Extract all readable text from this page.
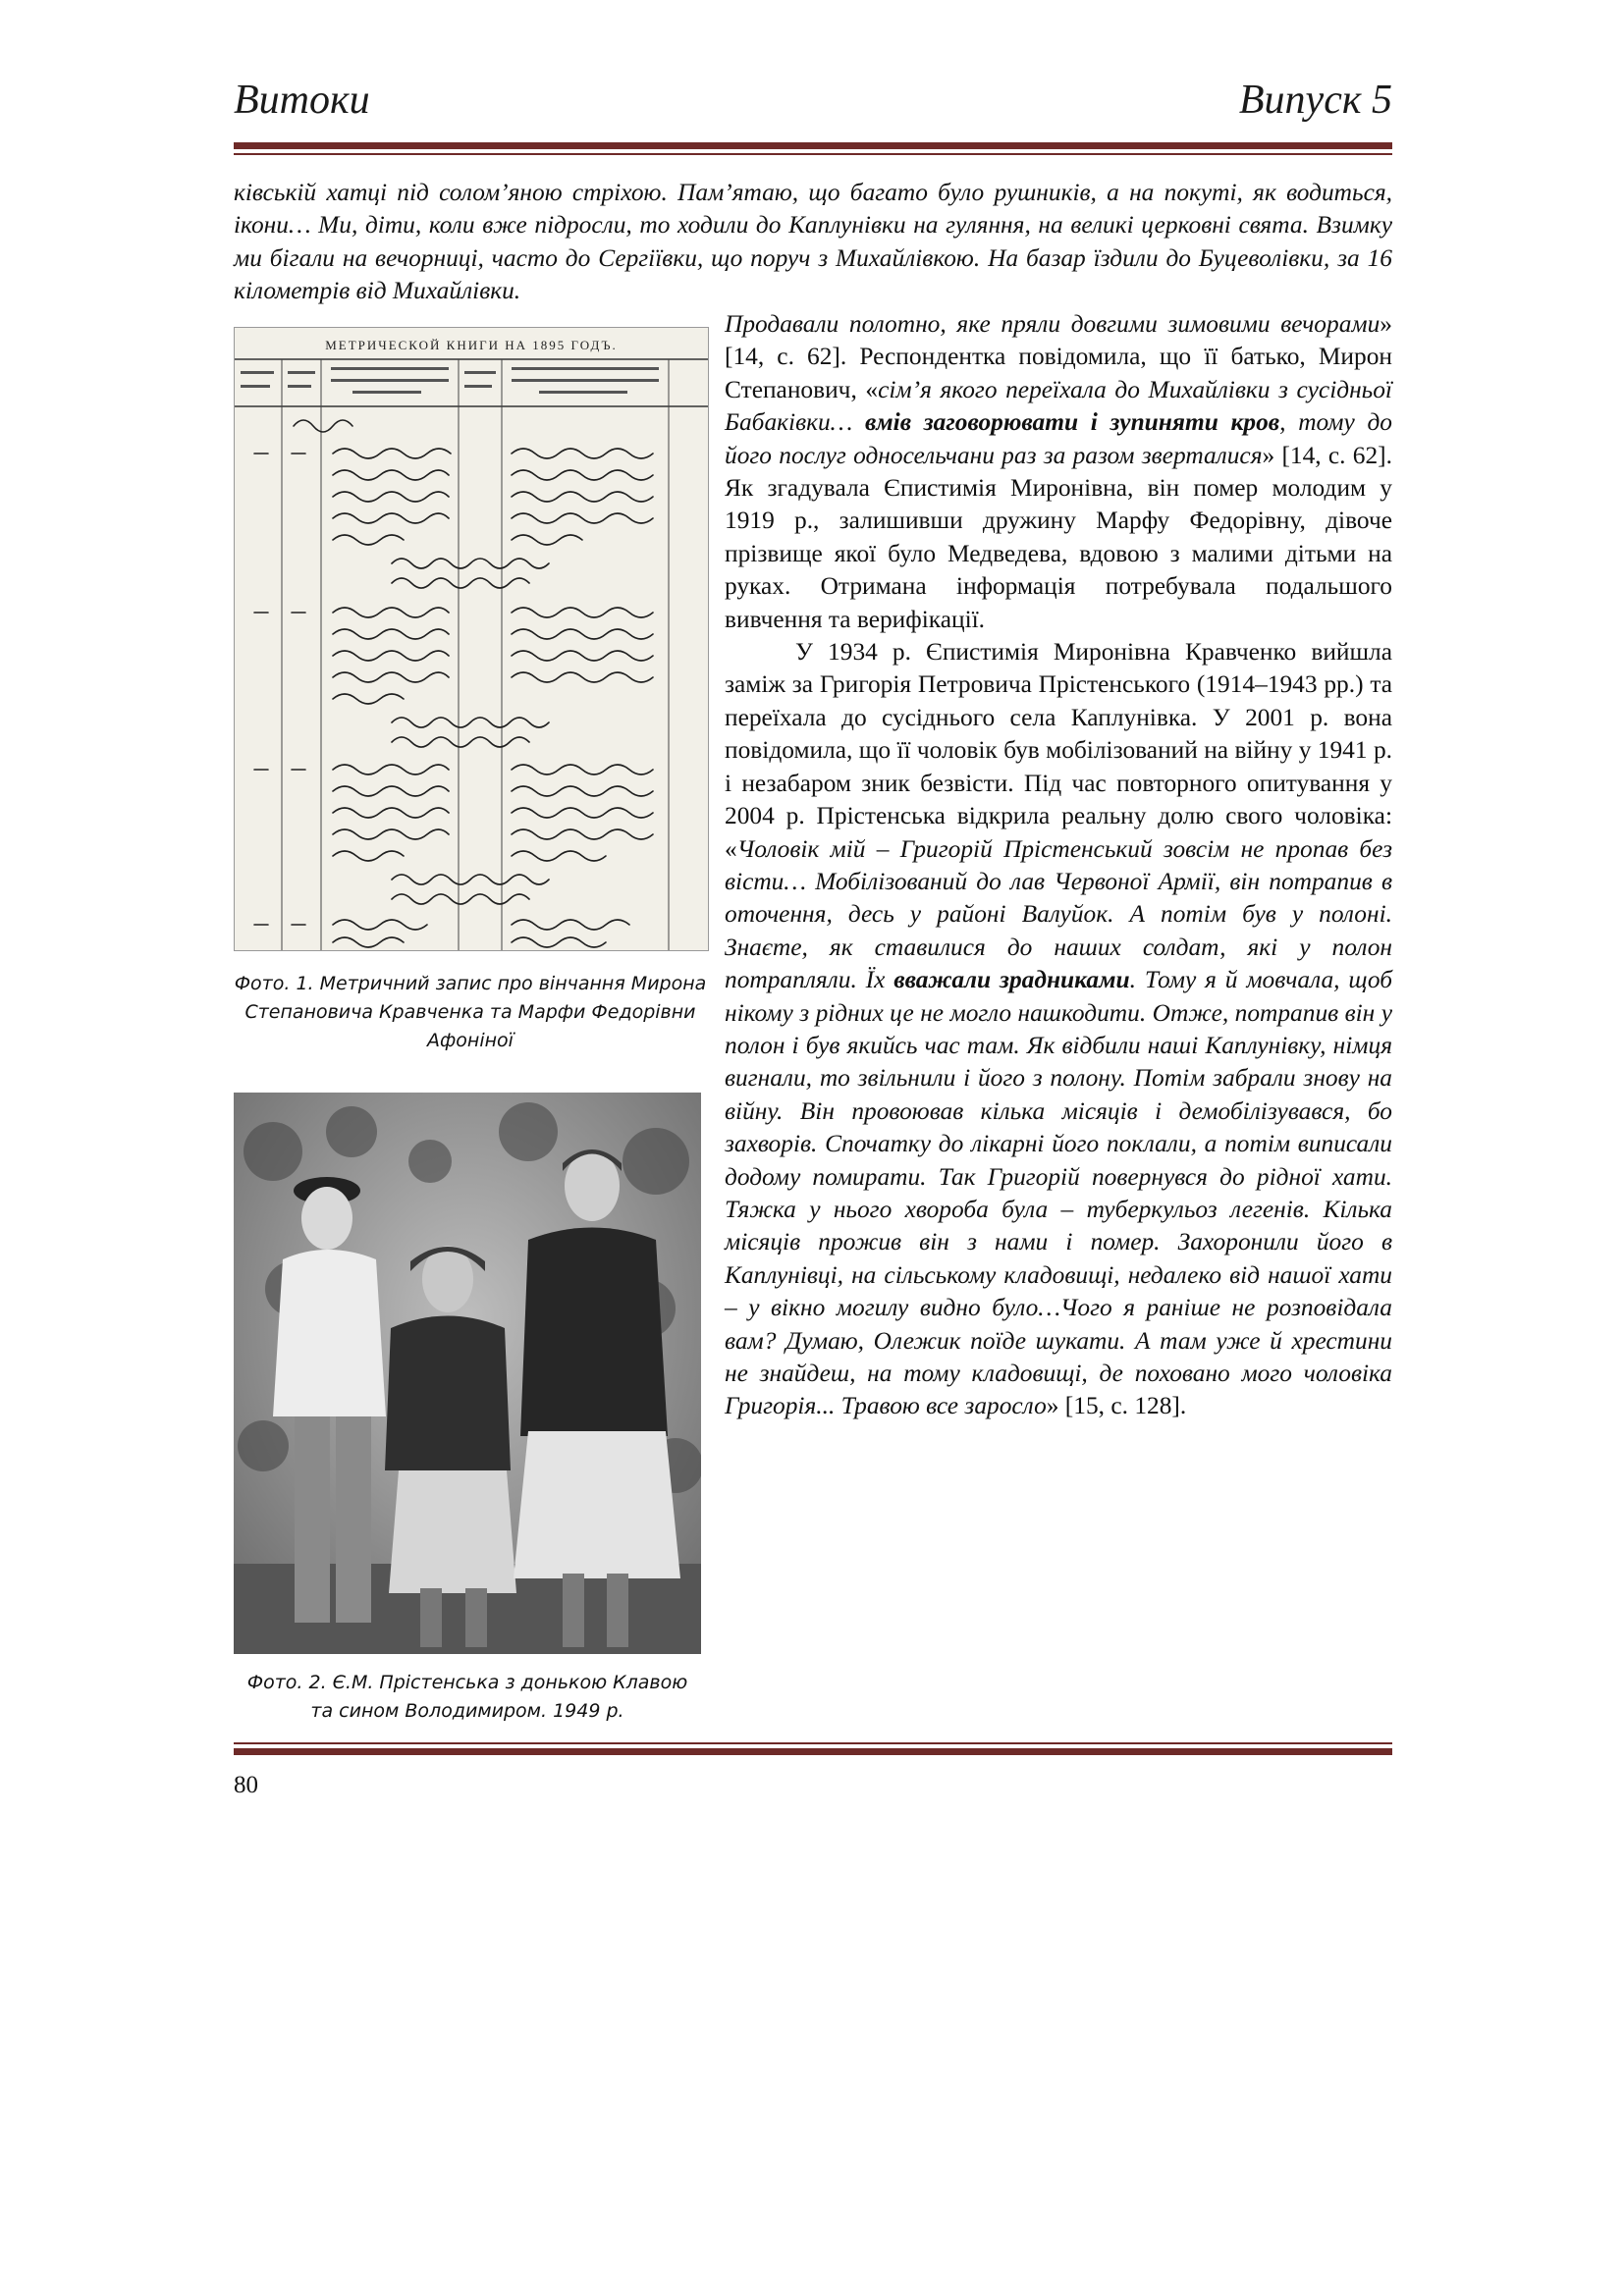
Витоки	Випуск 5
ківській хатці під солом’яною стріхою. Пам’ятаю, що багато було рушників, а на покуті, як водиться, ікони… Ми, діти, коли вже підросли, то ходили до Каплунівки на гуляння, на великі церковні свята. Взимку ми бігали на вечорниці, часто до Сергіївки, що поруч з Михайлівкою. На базар їздили до Буцеволівки, за 16 кілометрів від Михайлівки.
МЕТРИЧЕСКОЙ КНИГИ НА 1895 ГОДЪ.
Фото. 1. Метричний запис про вінчання Мирона Степановича Кравченка та Марфи Федорівни Афоніної
Фото. 2. Є.М. Прістенська з донькою Клавою та сином Володимиром. 1949 р.

Продавали полотно, яке пряли довгими зимовими вечорами» [14, с. 62]. Респондентка повідомила, що її батько, Мирон Степанович, «сім’я якого переїхала до Михайлівки з сусідньої Бабаківки… вмів заговорювати і зупиняти кров, тому до його послуг односельчани раз за разом зверталися» [14, с. 62]. Як згадувала Єпистимія Миронівна, він помер молодим у 1919 р., залишивши дружину Марфу Федорівну, дівоче прізвище якої було Медведева, вдовою з малими дітьми на руках. Отримана інформація потребувала подальшого вивчення та верифікації.

У 1934 р. Єпистимія Миронівна Кравченко вийшла заміж за Григорія Петровича Прістенського (1914–1943 рр.) та переїхала до сусіднього села Каплунівка. У 2001 р. вона повідомила, що її чоловік був мобілізований на війну у 1941 р. і незабаром зник безвісти. Під час повторного опитування у 2004 р. Прістенська відкрила реальну долю свого чоловіка: «Чоловік мій – Григорій Прістенський зовсім не пропав без вісти… Мобілізований до лав Червоної Армії, він потрапив в оточення, десь у районі Валуйок. А потім був у полоні. Знаєте, як ставилися до наших солдат, які у полон потрапляли. Їх вважали зрадниками. Тому я й мовчала, щоб нікому з рідних це не могло нашкодити. Отже, потрапив він у полон і був якийсь час там. Як відбили наші Каплунівку, німця вигнали, то звільнили і його з полону. Потім забрали знову на війну. Він провоював кілька місяців і демобілізувався, бо захворів. Спочатку до лікарні його поклали, а потім виписали додому помирати. Так Григорій повернувся до рідної хати. Тяжка у нього хвороба була – туберкульоз легенів. Кілька місяців прожив він з нами і помер. Захоронили його в Каплунівці, на сільському кладовищі, недалеко від нашої хати – у вікно могилу видно було…Чого я раніше не розповідала вам? Думаю, Олежик поїде шукати. А там уже й хрестини не знайдеш, на тому кладовищі, де поховано мого чоловіка Григорія... Травою все заросло» [15, с. 128].

80
